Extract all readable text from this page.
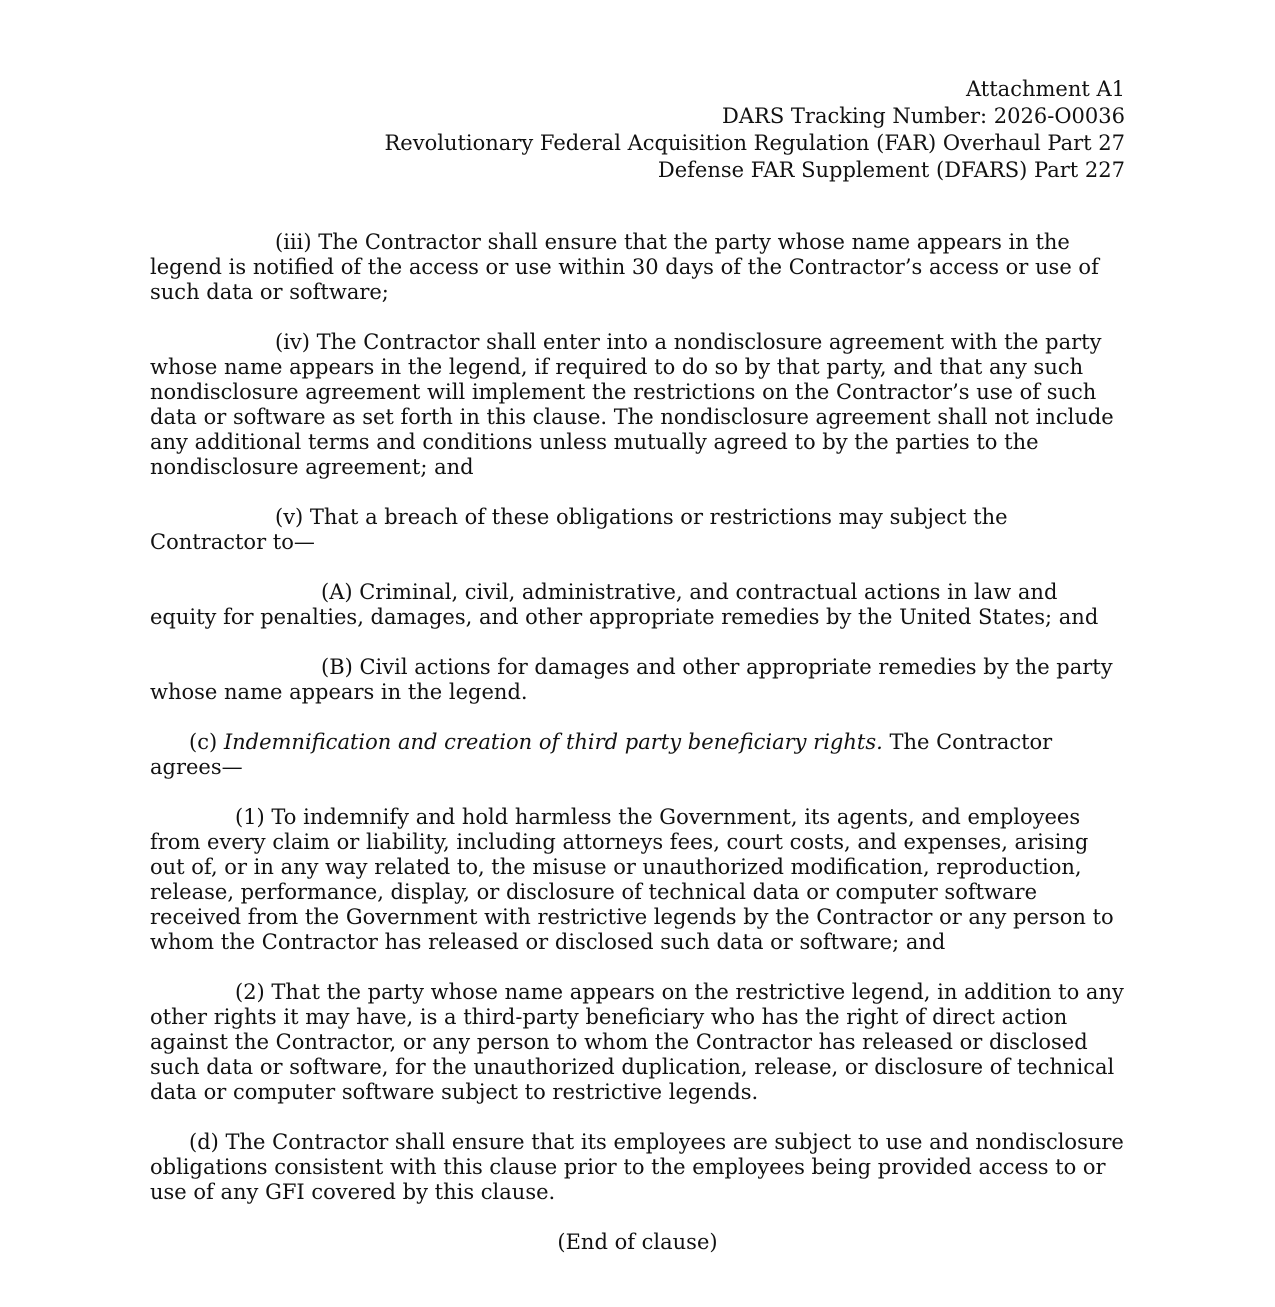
Attachment A1
DARS Tracking Number: 2026-O0036
Revolutionary Federal Acquisition Regulation (FAR) Overhaul Part 27
Defense FAR Supplement (DFARS) Part 227

(iii) The Contractor shall ensure that the party whose name appears in the legend is notified of the access or use within 30 days of the Contractor’s access or use of such data or software;

(iv) The Contractor shall enter into a nondisclosure agreement with the party whose name appears in the legend, if required to do so by that party, and that any such nondisclosure agreement will implement the restrictions on the Contractor’s use of such data or software as set forth in this clause. The nondisclosure agreement shall not include any additional terms and conditions unless mutually agreed to by the parties to the nondisclosure agreement; and

(v) That a breach of these obligations or restrictions may subject the Contractor to—

(A) Criminal, civil, administrative, and contractual actions in law and equity for penalties, damages, and other appropriate remedies by the United States; and

(B) Civil actions for damages and other appropriate remedies by the party whose name appears in the legend.

(c) Indemnification and creation of third party beneficiary rights. The Contractor agrees—

(1) To indemnify and hold harmless the Government, its agents, and employees from every claim or liability, including attorneys fees, court costs, and expenses, arising out of, or in any way related to, the misuse or unauthorized modification, reproduction, release, performance, display, or disclosure of technical data or computer software received from the Government with restrictive legends by the Contractor or any person to whom the Contractor has released or disclosed such data or software; and

(2) That the party whose name appears on the restrictive legend, in addition to any other rights it may have, is a third-party beneficiary who has the right of direct action against the Contractor, or any person to whom the Contractor has released or disclosed such data or software, for the unauthorized duplication, release, or disclosure of technical data or computer software subject to restrictive legends.

(d) The Contractor shall ensure that its employees are subject to use and nondisclosure obligations consistent with this clause prior to the employees being provided access to or use of any GFI covered by this clause.

(End of clause)
